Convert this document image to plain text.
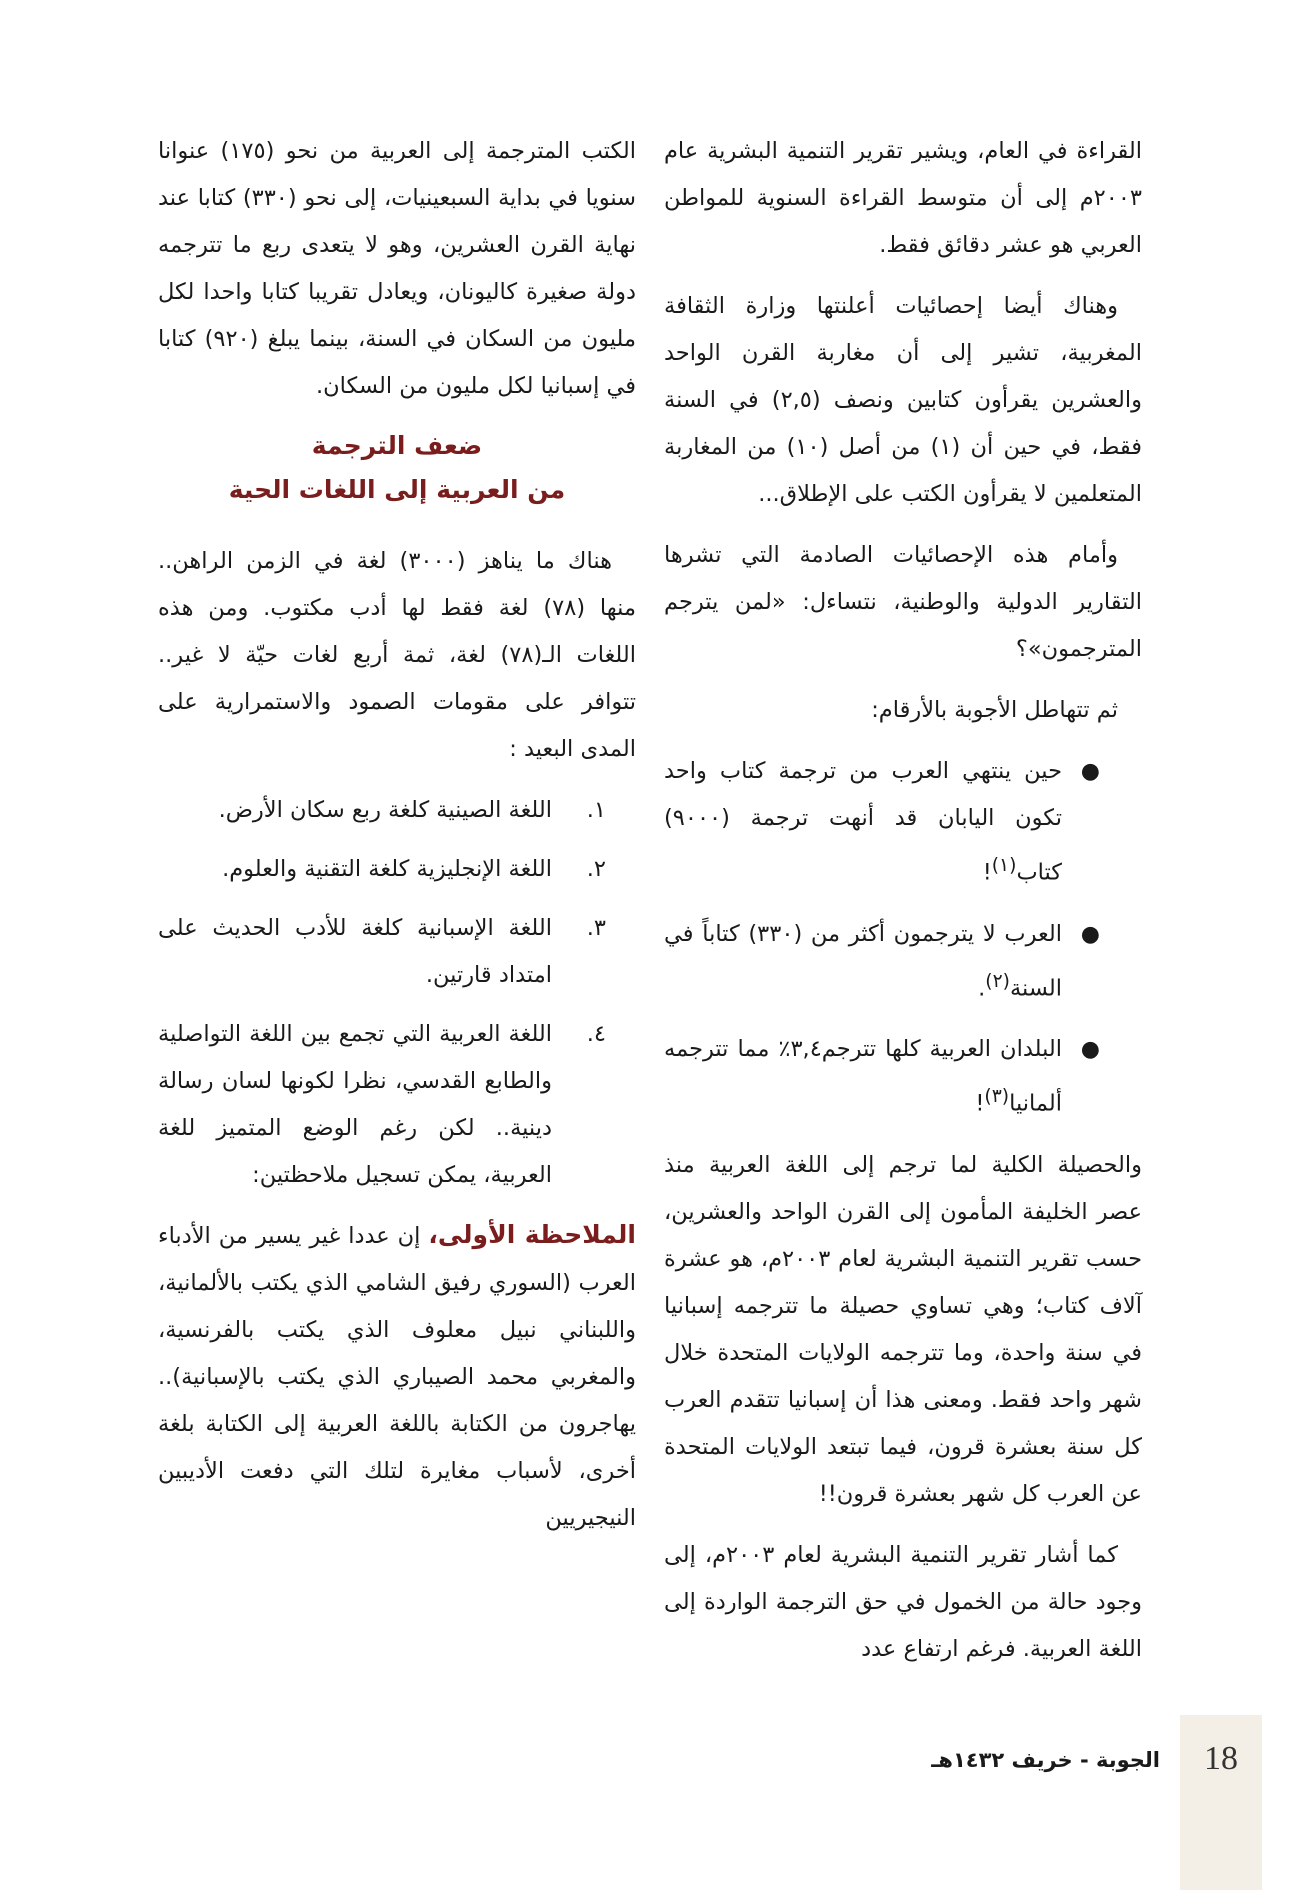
القراءة في العام، ويشير تقرير التنمية البشرية عام ٢٠٠٣م إلى أن متوسط القراءة السنوية للمواطن العربي هو عشر دقائق فقط.

وهناك أيضا إحصائيات أعلنتها وزارة الثقافة المغربية، تشير إلى أن مغاربة القرن الواحد والعشرين يقرأون كتابين ونصف (٢,٥) في السنة فقط، في حين أن (١) من أصل (١٠) من المغاربة المتعلمين لا يقرأون الكتب على الإطلاق...

وأمام هذه الإحصائيات الصادمة التي تشرها التقارير الدولية والوطنية، نتساءل: «لمن يترجم المترجمون»؟

ثم تتهاطل الأجوبة بالأرقام:

●
حين ينتهي العرب من ترجمة كتاب واحد تكون اليابان قد أنهت ترجمة (٩٠٠٠) كتاب$^{(١)}$!
●
العرب لا يترجمون أكثر من (٣٣٠) كتاباً في السنة$^{(٢)}$.
●
البلدان العربية كلها تترجم٣,٤٪ مما تترجمه ألمانيا$^{(٣)}$!

والحصيلة الكلية لما ترجم إلى اللغة العربية منذ عصر الخليفة المأمون إلى القرن الواحد والعشرين، حسب تقرير التنمية البشرية لعام ٢٠٠٣م، هو عشرة آلاف كتاب؛ وهي تساوي حصيلة ما تترجمه إسبانيا في سنة واحدة، وما تترجمه الولايات المتحدة خلال شهر واحد فقط. ومعنى هذا أن إسبانيا تتقدم العرب كل سنة بعشرة قرون، فيما تبتعد الولايات المتحدة عن العرب كل شهر بعشرة قرون!!

كما أشار تقرير التنمية البشرية لعام ٢٠٠٣م، إلى وجود حالة من الخمول في حق الترجمة الواردة إلى اللغة العربية. فرغم ارتفاع عدد

الكتب المترجمة إلى العربية من نحو (١٧٥) عنوانا سنويا في بداية السبعينيات، إلى نحو (٣٣٠) كتابا عند نهاية القرن العشرين، وهو لا يتعدى ربع ما تترجمه دولة صغيرة كاليونان، ويعادل تقريبا كتابا واحدا لكل مليون من السكان في السنة، بينما يبلغ (٩٢٠) كتابا في إسبانيا لكل مليون من السكان.

ضعف الترجمة
من العربية إلى اللغات الحية

هناك ما يناهز (٣٠٠٠) لغة في الزمن الراهن.. منها (٧٨) لغة فقط لها أدب مكتوب. ومن هذه اللغات الـ(٧٨) لغة، ثمة أربع لغات حيّة لا غير.. تتوافر على مقومات الصمود والاستمرارية على المدى البعيد :

١.
اللغة الصينية كلغة ربع سكان الأرض.
٢.
اللغة الإنجليزية كلغة التقنية والعلوم.
٣.
اللغة الإسبانية كلغة للأدب الحديث على امتداد قارتين.
٤.
اللغة العربية التي تجمع بين اللغة التواصلية والطابع القدسي، نظرا لكونها لسان رسالة دينية.. لكن رغم الوضع المتميز للغة العربية، يمكن تسجيل ملاحظتين:

الملاحظة الأولى، إن عددا غير يسير من الأدباء العرب (السوري رفيق الشامي الذي يكتب بالألمانية، واللبناني نبيل معلوف الذي يكتب بالفرنسية، والمغربي محمد الصيباري الذي يكتب بالإسبانية).. يهاجرون من الكتابة باللغة العربية إلى الكتابة بلغة أخرى، لأسباب مغايرة لتلك التي دفعت الأديبين النيجيريين

18
الجوبة - خريف ١٤٣٢هـ
